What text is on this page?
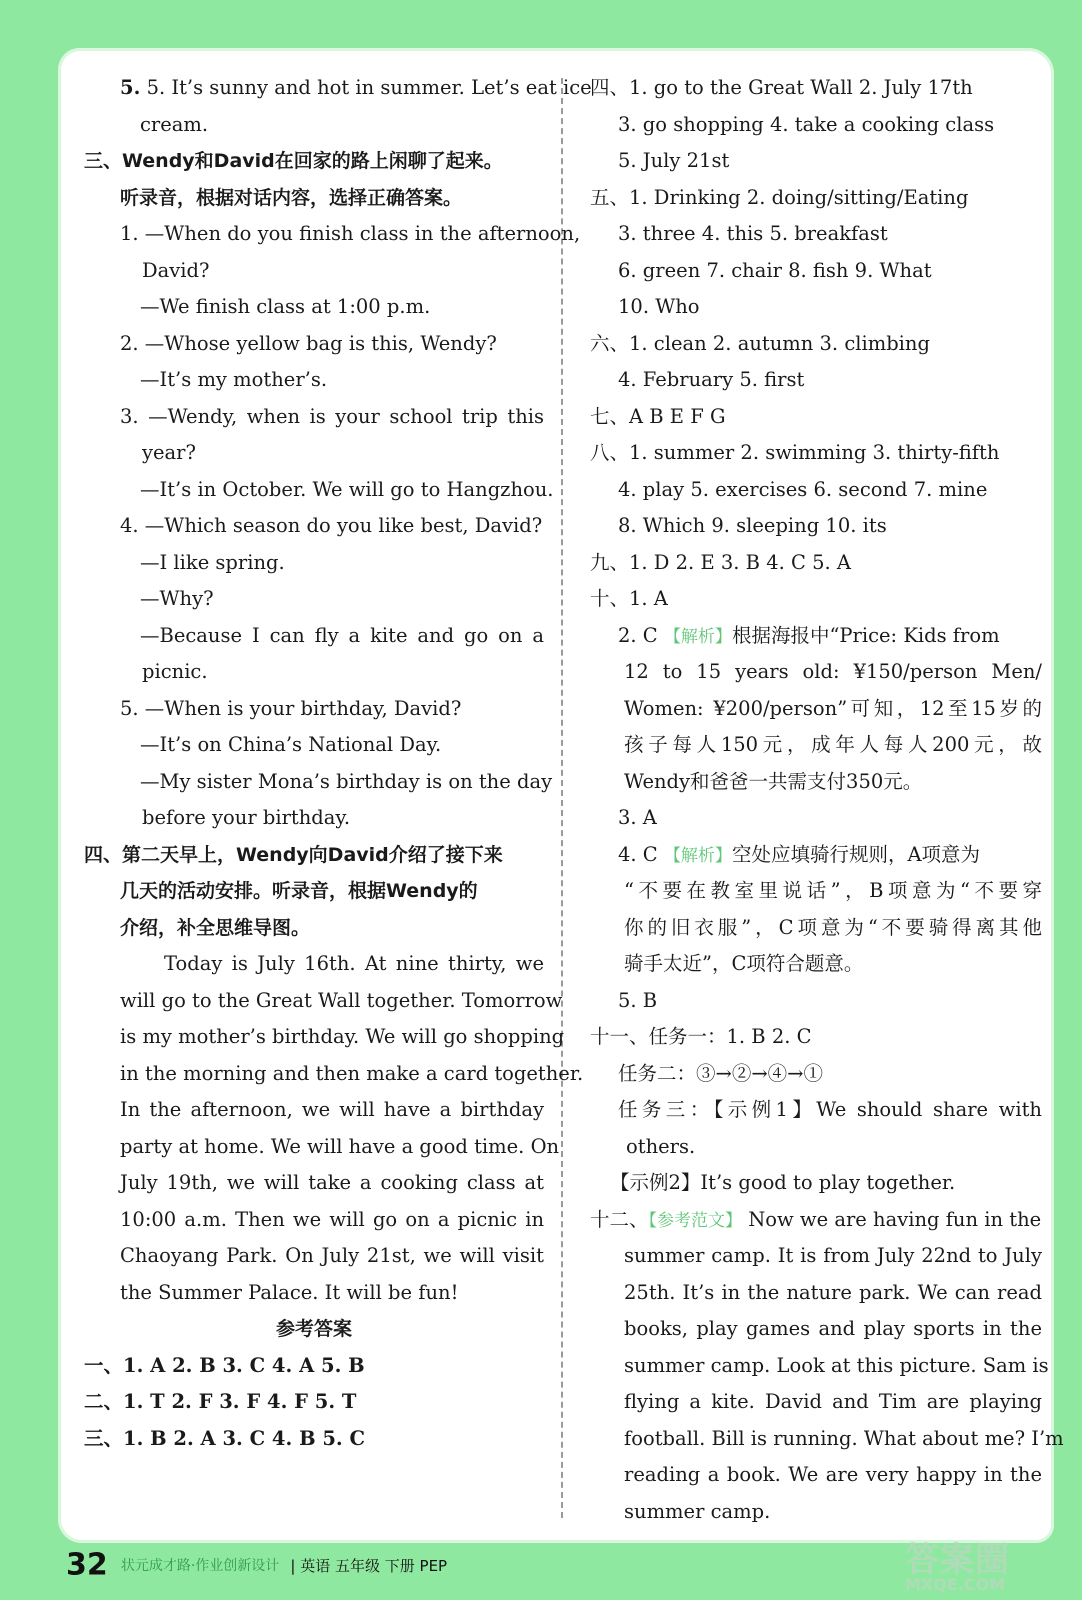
5. 5. It’s sunny and hot in summer. Let’s eat ice
cream.
三、Wendy和David在回家的路上闲聊了起来。
听录音，根据对话内容，选择正确答案。
1. —When do you finish class in the afternoon,
David?
—We finish class at 1:00 p.m.
2. —Whose yellow bag is this, Wendy?
—It’s my mother’s.
3. —Wendy, when is your school trip this
year?
—It’s in October. We will go to Hangzhou.
4. —Which season do you like best, David?
—I like spring.
—Why?
—Because I can fly a kite and go on a
picnic.
5. —When is your birthday, David?
—It’s on China’s National Day.
—My sister Mona’s birthday is on the day
before your birthday.
四、第二天早上，Wendy向David介绍了接下来
几天的活动安排。听录音，根据Wendy的
介绍，补全思维导图。
Today is July 16th. At nine thirty, we
will go to the Great Wall together. Tomorrow
is my mother’s birthday. We will go shopping
in the morning and then make a card together.
In the afternoon, we will have a birthday
party at home. We will have a good time. On
July 19th, we will take a cooking class at
10:00 a.m. Then we will go on a picnic in
Chaoyang Park. On July 21st, we will visit
the Summer Palace. It will be fun!
参考答案
一、1. A 2. B 3. C 4. A 5. B
二、1. T 2. F 3. F 4. F 5. T
三、1. B 2. A 3. C 4. B 5. C
四、1. go to the Great Wall 2. July 17th
3. go shopping 4. take a cooking class
5. July 21st
五、1. Drinking 2. doing/sitting/Eating
3. three 4. this 5. breakfast
6. green 7. chair 8. fish 9. What
10. Who
六、1. clean 2. autumn 3. climbing
4. February 5. first
七、A B E F G
八、1. summer 2. swimming 3. thirty-fifth
4. play 5. exercises 6. second 7. mine
8. Which 9. sleeping 10. its
九、1. D 2. E 3. B 4. C 5. A
十、1. A
2. C 【解析】根据海报中“Price: Kids from
12 to 15 years old: ¥150/person Men/
Women: ¥200/person”可知，12至15岁的
孩子每人150元，成年人每人200元，故
Wendy和爸爸一共需支付350元。
3. A
4. C 【解析】空处应填骑行规则，A项意为
“不要在教室里说话”，B项意为“不要穿
你的旧衣服”，C项意为“不要骑得离其他
骑手太近”，C项符合题意。
5. B
十一、任务一：1. B 2. C
任务二：③→②→④→①
任务三：【示例1】We should share with
others.
【示例2】It’s good to play together.
十二、【参考范文】 Now we are having fun in the
summer camp. It is from July 22nd to July
25th. It’s in the nature park. We can read
books, play games and play sports in the
summer camp. Look at this picture. Sam is
flying a kite. David and Tim are playing
football. Bill is running. What about me? I’m
reading a book. We are very happy in the
summer camp.
32 状元成才路·作业创新设计 | 英语 五年级 下册 PEP	答案圈
MXQE.COM
